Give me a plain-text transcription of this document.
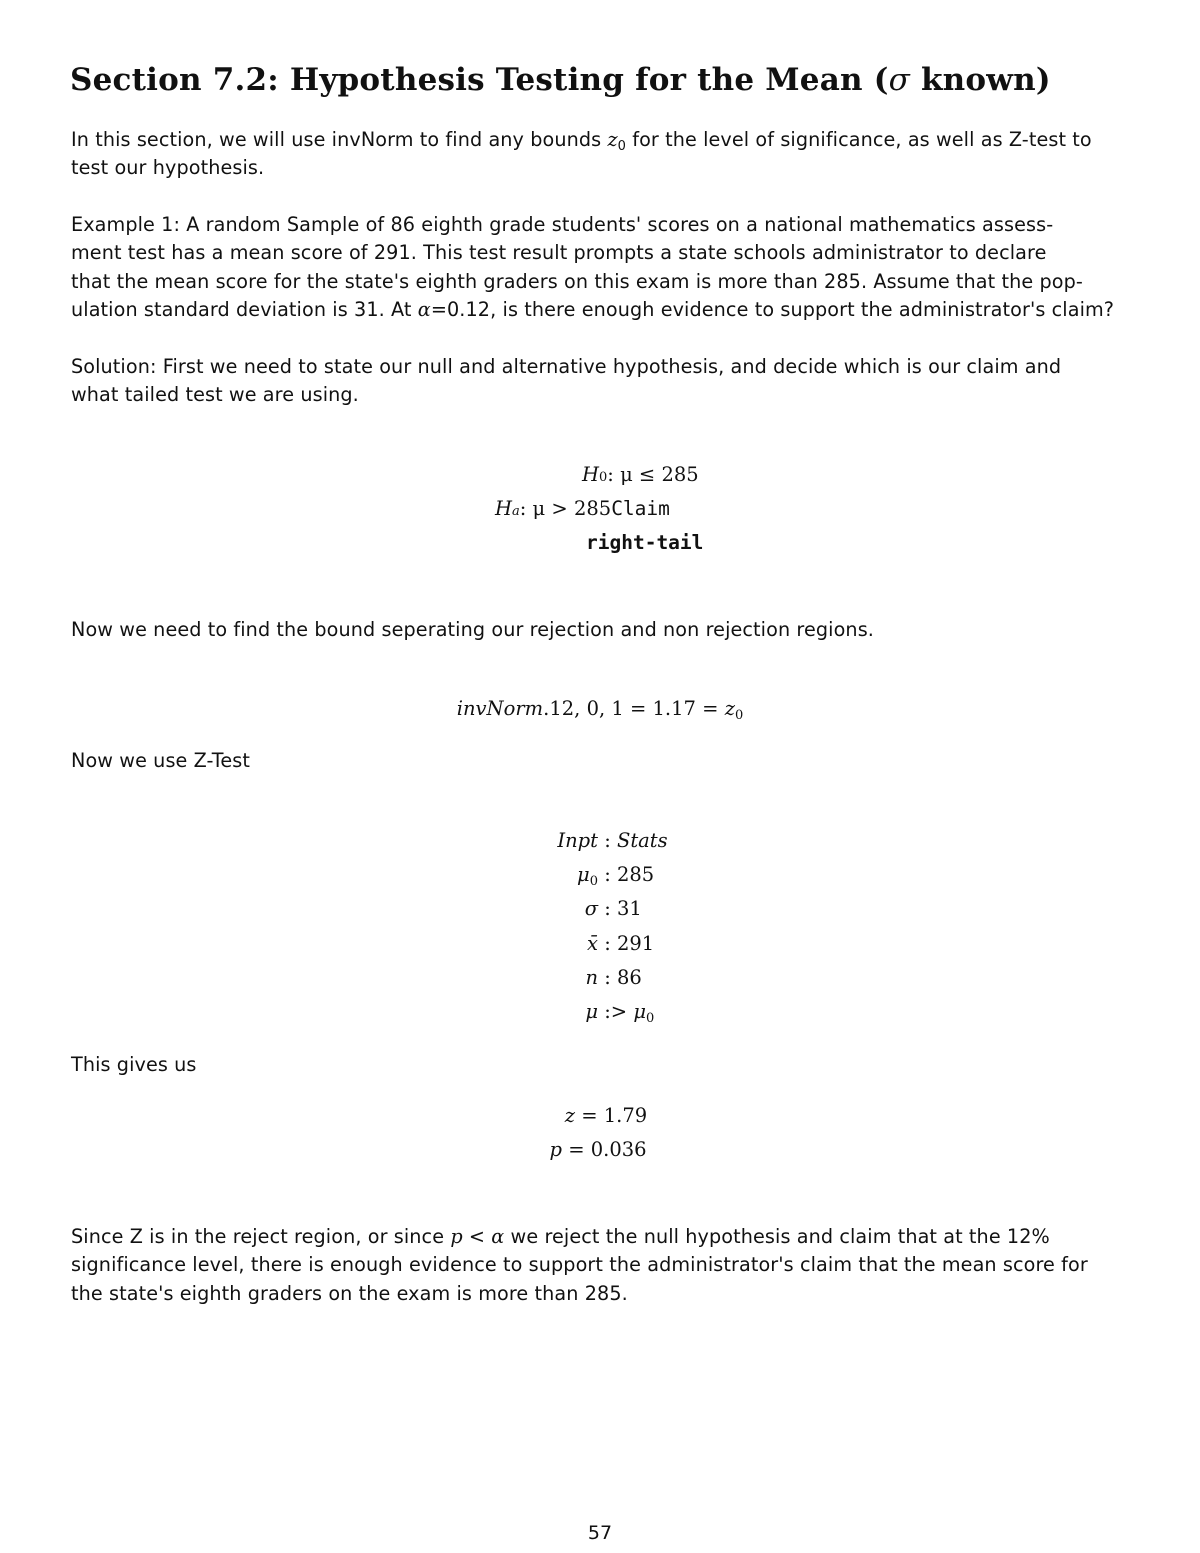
Section 7.2: Hypothesis Testing for the Mean (σ known)

In this section, we will use invNorm to find any bounds $z_0$ for the level of significance, as well as Z-test to
test our hypothesis.

Example 1: A random Sample of 86 eighth grade students' scores on a national mathematics assess-
ment test has a mean score of 291. This test result prompts a state schools administrator to declare
that the mean score for the state's eighth graders on this exam is more than 285. Assume that the pop-
ulation standard deviation is 31. At α=0.12, is there enough evidence to support the administrator's claim?

Solution: First we need to state our null and alternative hypothesis, and decide which is our claim and
what tailed test we are using.

H 0 : μ ≤ 285
H a : μ > 285 Claim
right-tail

Now we need to find the bound seperating our rejection and non rejection regions.

invNorm.12, 0, $1 = 1.17 = z_0$

Now we use Z-Test

Inpt : Stats
$\mu_0$ : 285
σ : 31
x̄ : 291
n : 86
μ : > $\mu_0$

This gives us

z = 1.79
p = 0.036

Since Z is in the reject region, or since p < α we reject the null hypothesis and claim that at the 12%
significance level, there is enough evidence to support the administrator's claim that the mean score for
the state's eighth graders on the exam is more than 285.

57
